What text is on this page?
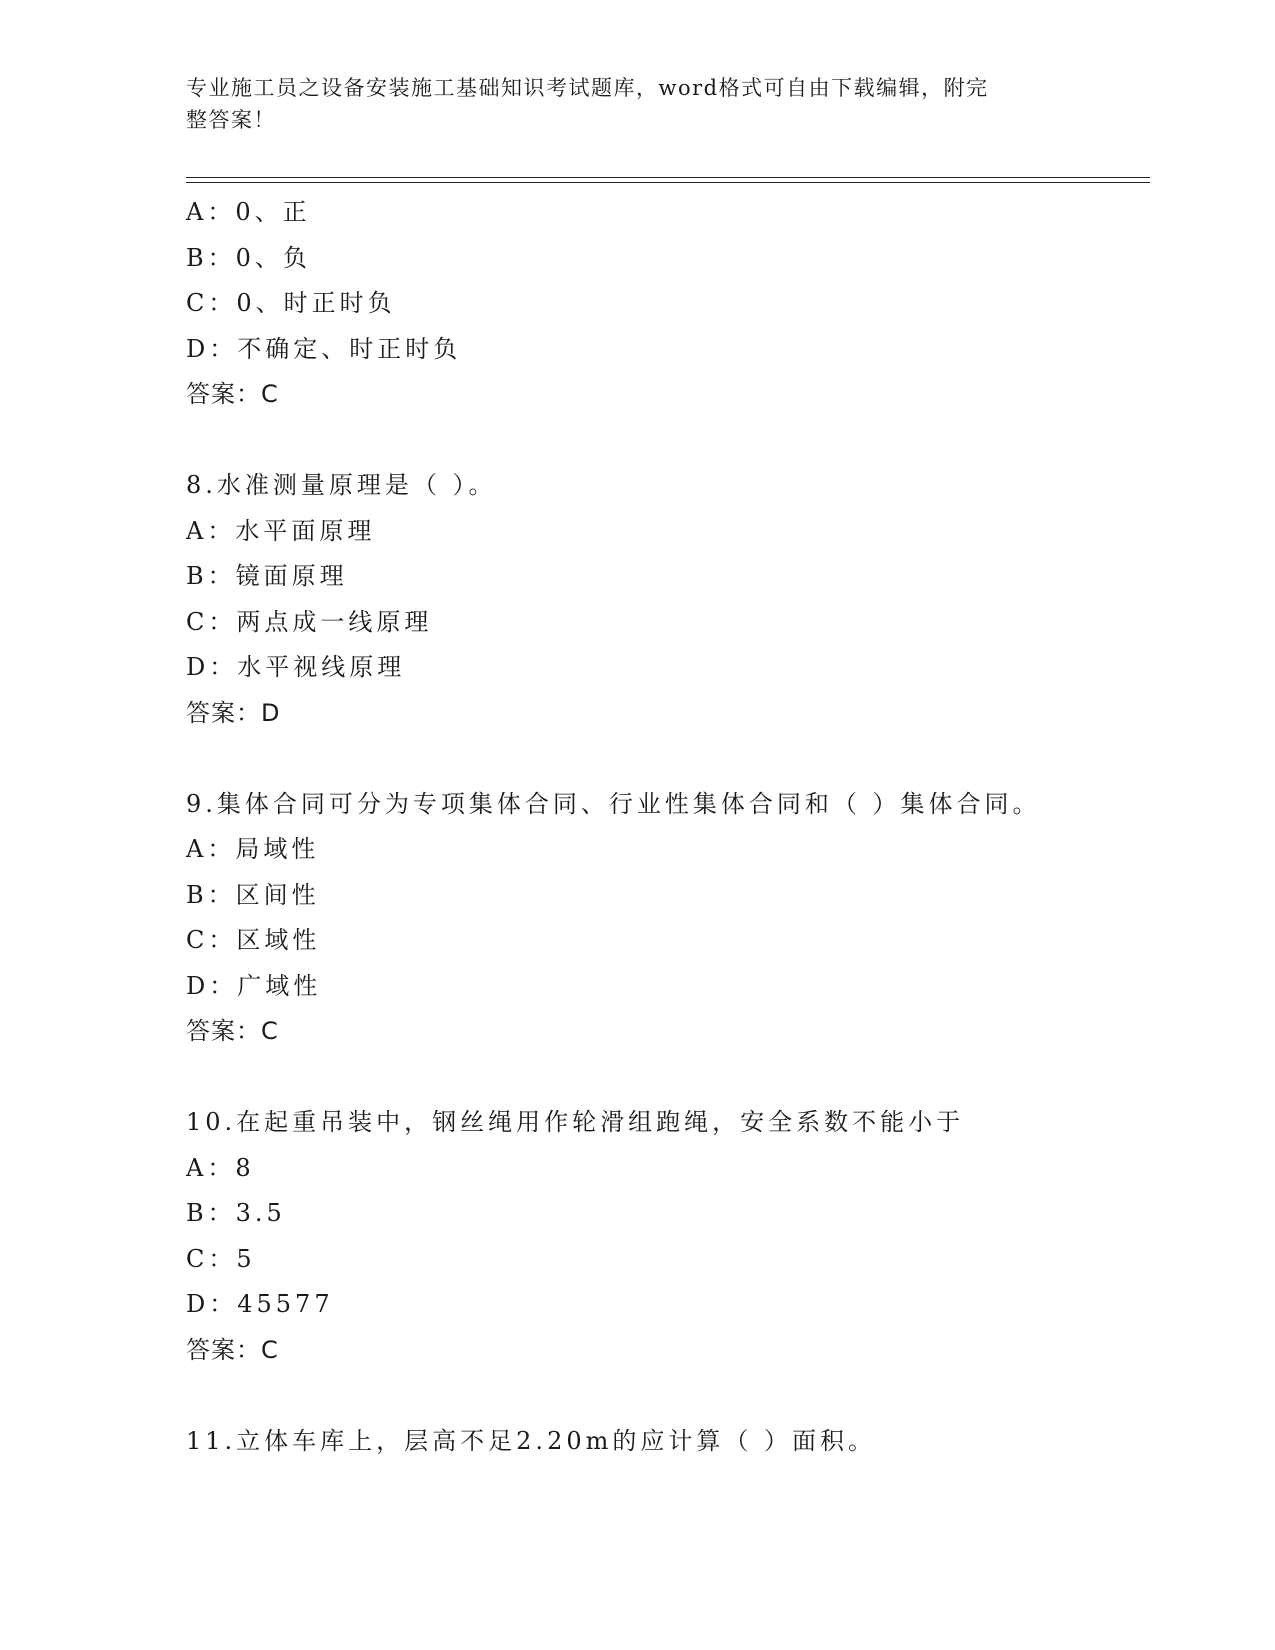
专业施工员之设备安装施工基础知识考试题库，word格式可自由下载编辑，附完
整答案！
A：0、正
B：0、负
C：0、时正时负
D：不确定、时正时负
答案：C
8.水准测量原理是（ ）。
A：水平面原理
B：镜面原理
C：两点成一线原理
D：水平视线原理
答案：D
9.集体合同可分为专项集体合同、行业性集体合同和（ ）集体合同。
A：局域性
B：区间性
C：区域性
D：广域性
答案：C
10.在起重吊装中，钢丝绳用作轮滑组跑绳，安全系数不能小于
A：8
B：3.5
C：5
D：45577
答案：C
11.立体车库上，层高不足2.20m的应计算（ ）面积。
